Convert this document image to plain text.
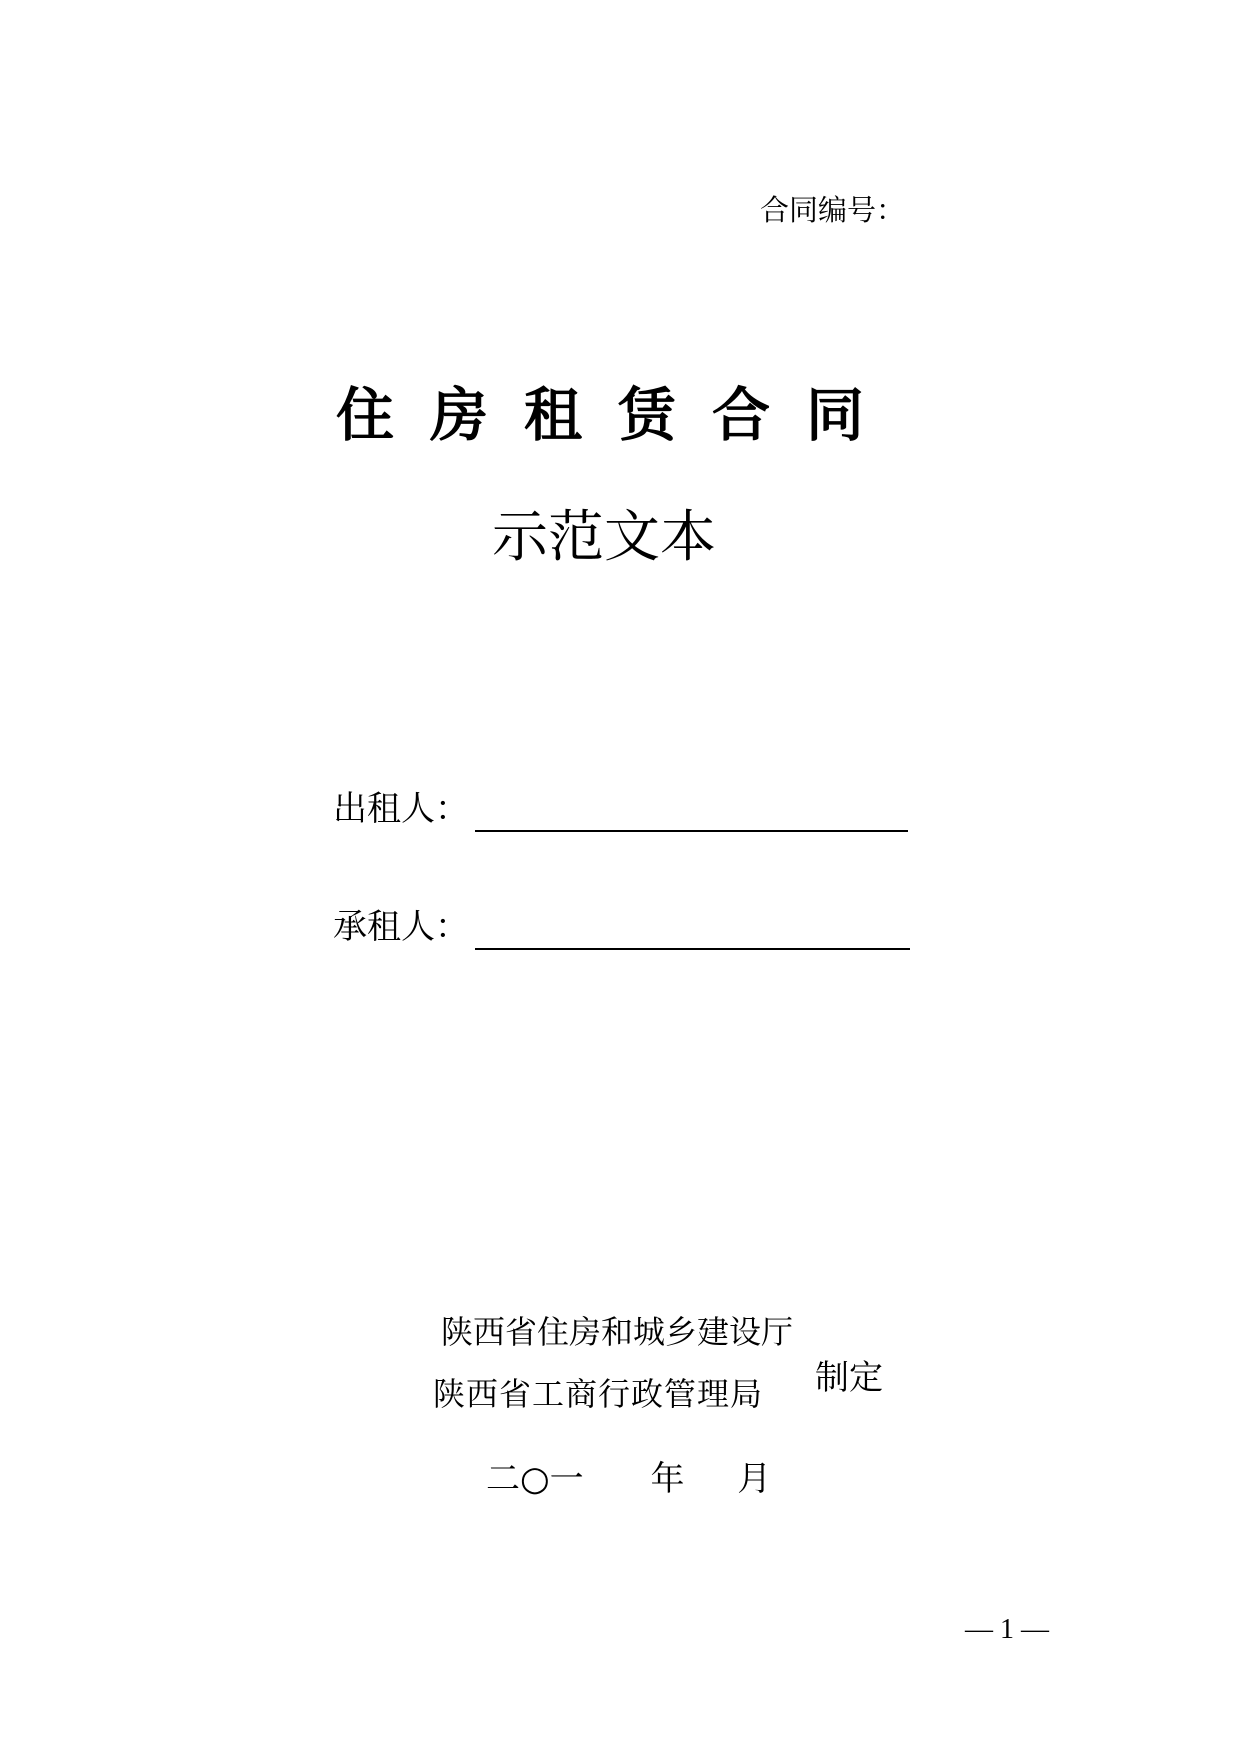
合同编号：
住房租赁合同
示范文本
出租人：
承租人：
陕西省住房和城乡建设厅
陕西省工商行政管理局 制定
二○一 年 月
— 1 —
